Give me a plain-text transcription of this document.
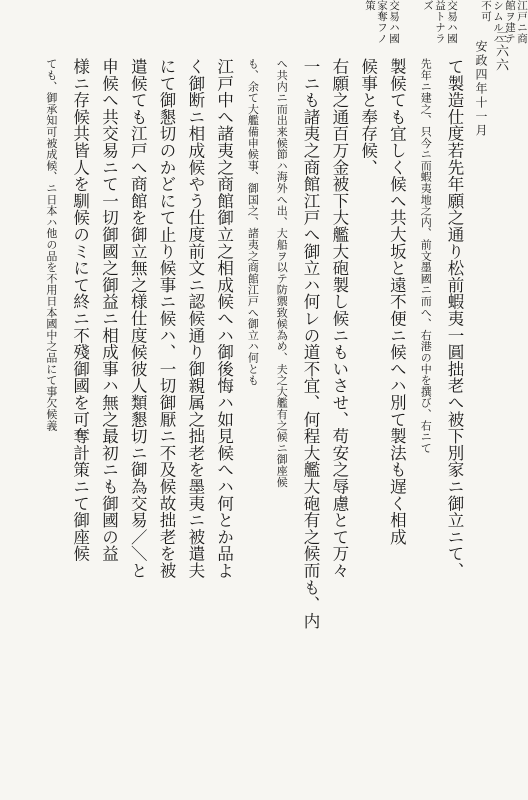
三六六
安政四年十一月
て製造仕度若先年願之通り松前蝦夷一圓拙老へ被下別家ニ御立ニて、
先年ニ建之、只今ニ而蝦夷地之内、前文墨國ニ而へ、右港の中を撰び、右ニて
製候ても宜しく候へ共大坂と遠不便ニ候へハ別て製法も遅く相成
候事と奉存候、
右願之通百万金被下大艦大砲製し候ニもいさせ、苟安之辱慮とて万々
一ニも諸夷之商館江戸へ御立ハ何レの道不宜、何程大艦大砲有之候而も、内
へ共内ニ而出来候節ハ海外へ出、大船ヲ以テ防禦致候為め、夫之大艦有之候ニ御座候
も、余て大艦備申候事、御国之、諸夷之商館江戸へ御立ハ何とも
江戸中へ諸夷之商館御立之相成候へハ御後悔ハ如見候へハ何とか品よ
く御断ニ相成候やう仕度前文ニ認候通り御親属之拙老を墨夷ニ被遣夫
にて御懇切のかどにて止り候事ニ候ハ、一切御厭ニ不及候故拙老を被
遣候ても江戸へ商館を御立無之様仕度候彼人類懇切ニ御為交易／＼と
申候へ共交易ニて一切御國之御益ニ相成事ハ無之最初ニも御國の益
様ニ存候共皆人を馴候のミにて終ニ不殘御國を可奪計策ニて御座候
ても、御承知可被成候、ニ日本ハ他の品を不用日本國中之品にて事欠候義
江戸ニ商
館ヲ建テ
シムルハ
不可
交易ハ國
益トナラ
ズ
交易ハ國
家奪フノ
策
